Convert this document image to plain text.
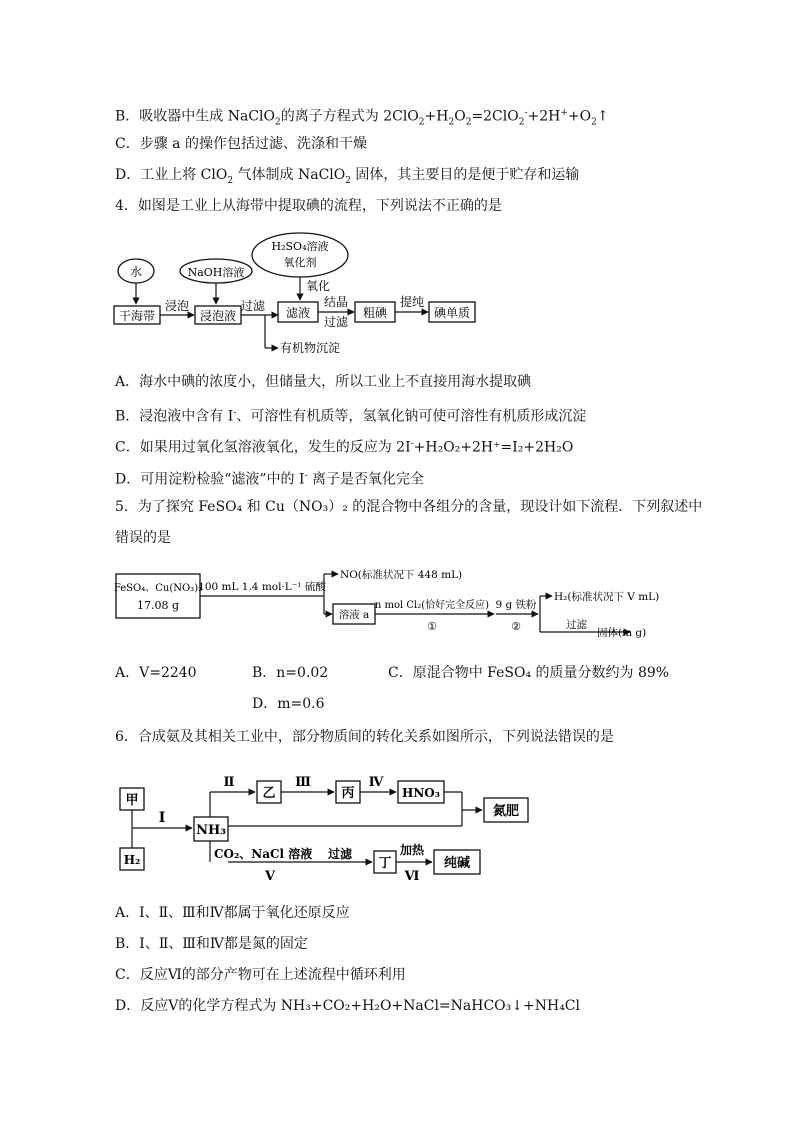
B．吸收器中生成 NaClO$_2$的离子方程式为 $2ClO_2+H_2O_2=2ClO_2^-+2H^++O_2↑$
C．步骤 a 的操作包括过滤、洗涤和干燥
D．工业上将 ClO$_2$ 气体制成 NaClO$_2$ 固体，其主要目的是便于贮存和运输
4．如图是工业上从海带中提取碘的流程，下列说法不正确的是
水	NaOH溶液
H₂SO₄溶液
氧化剂
氧化
干海带
浸泡
浸泡液
过滤
有机物沉淀
滤液
结晶
过滤
粗碘
提纯
碘单质
A．海水中碘的浓度小，但储量大，所以工业上不直接用海水提取碘
B．浸泡液中含有 I-、可溶性有机质等，氢氧化钠可使可溶性有机质形成沉淀
C．如果用过氧化氢溶液氧化，发生的反应为 2I-+H₂O₂+2H⁺=I₂+2H₂O
D．可用淀粉检验“滤液”中的 I- 离子是否氧化完全
5．为了探究 FeSO₄ 和 Cu（NO₃）₂ 的混合物中各组分的含量，现设计如下流程．下列叙述中
错误的是
FeSO₄、Cu(NO₃)₂
17.08 g
100 mL 1.4 mol·L⁻¹ 硫酸
NO(标准状况下 448 mL)
溶液 a
n mol Cl₂(恰好完全反应)
①
9 g 铁粉
②
H₂(标准状况下 V mL)
过滤
固体(m g)
A．V=2240	B．n=0.02	C．原混合物中 FeSO₄ 的质量分数约为 89%
D．m=0.6
6．合成氨及其相关工业中，部分物质间的转化关系如图所示，下列说法错误的是
甲
H₂
Ⅰ
NH₃
Ⅱ
乙
Ⅲ
丙
Ⅳ
HNO₃
氮肥
CO₂、NaCl 溶液 过滤
Ⅴ
丁
加热
Ⅵ
纯碱
A．Ⅰ、Ⅱ、Ⅲ和Ⅳ都属于氧化还原反应
B．Ⅰ、Ⅱ、Ⅲ和Ⅳ都是氮的固定
C．反应Ⅵ的部分产物可在上述流程中循环利用
D．反应Ⅴ的化学方程式为 NH₃+CO₂+H₂O+NaCl=NaHCO₃↓+NH₄Cl
